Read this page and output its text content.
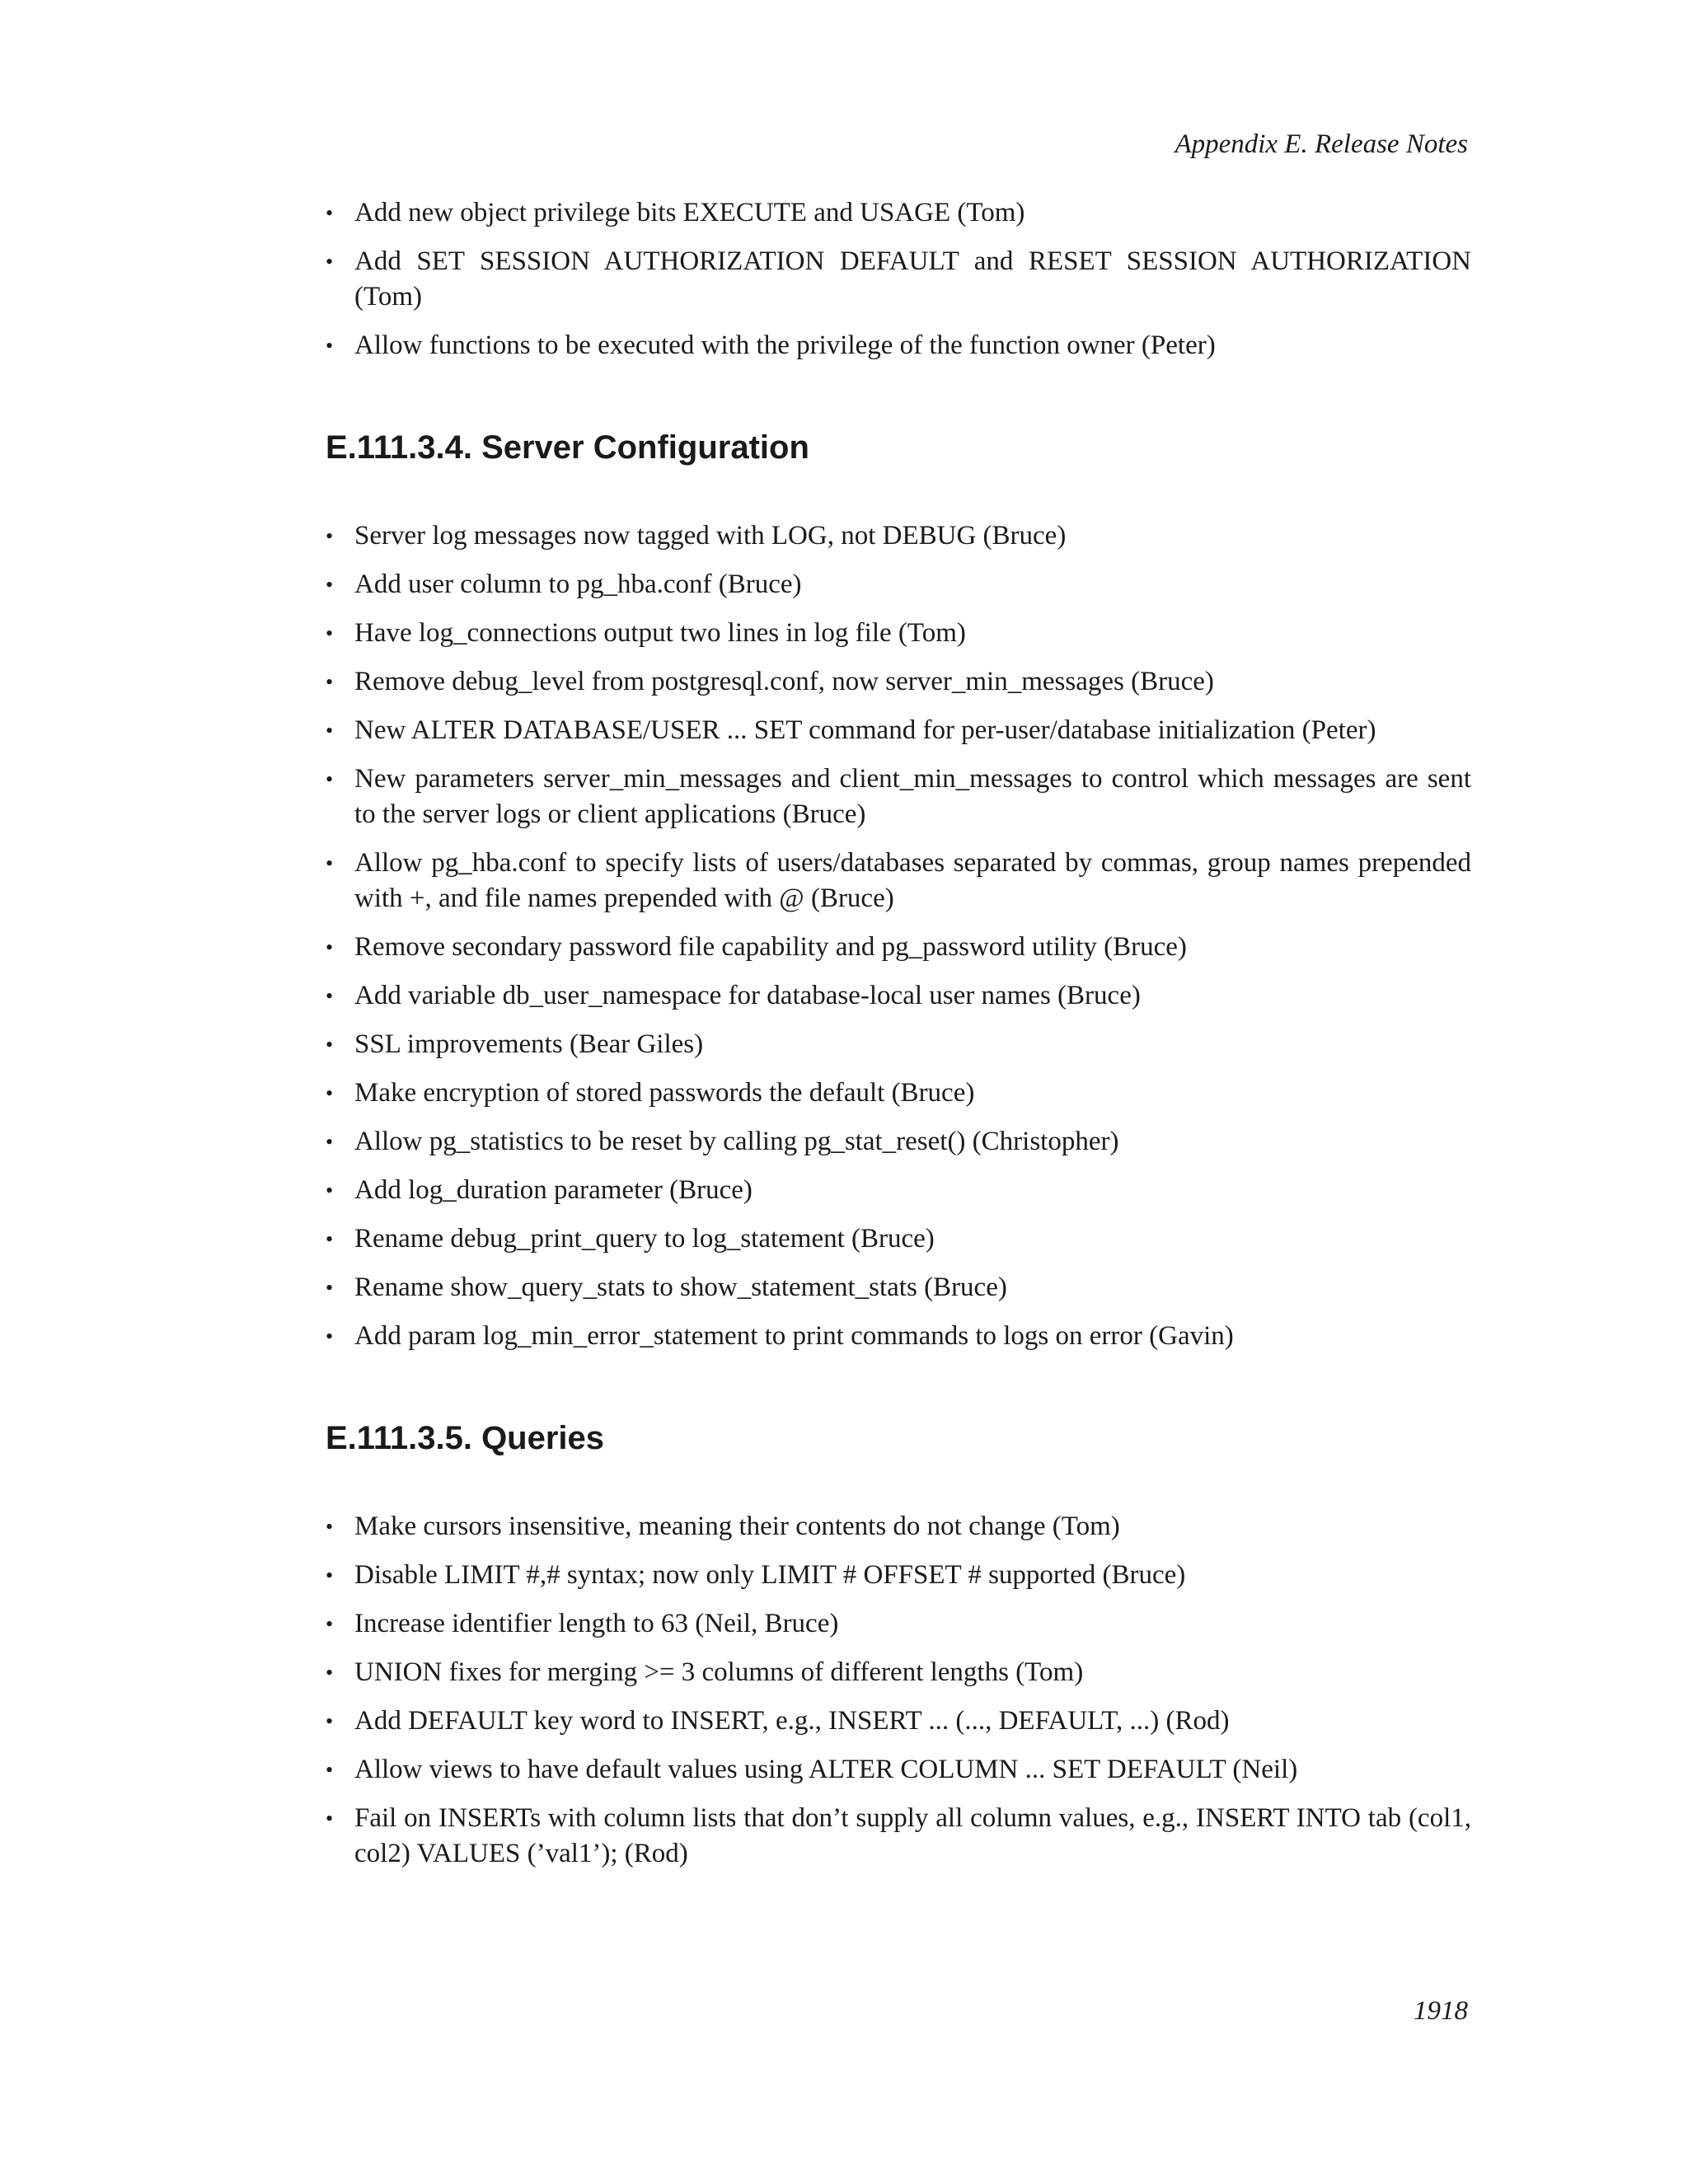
Appendix E. Release Notes
• Add new object privilege bits EXECUTE and USAGE (Tom)
• Add SET SESSION AUTHORIZATION DEFAULT and RESET SESSION AUTHORIZATION (Tom)
• Allow functions to be executed with the privilege of the function owner (Peter)
E.111.3.4. Server Configuration
• Server log messages now tagged with LOG, not DEBUG (Bruce)
• Add user column to pg_hba.conf (Bruce)
• Have log_connections output two lines in log file (Tom)
• Remove debug_level from postgresql.conf, now server_min_messages (Bruce)
• New ALTER DATABASE/USER ... SET command for per-user/database initialization (Peter)
• New parameters server_min_messages and client_min_messages to control which messages are sent to the server logs or client applications (Bruce)
• Allow pg_hba.conf to specify lists of users/databases separated by commas, group names prepended with +, and file names prepended with @ (Bruce)
• Remove secondary password file capability and pg_password utility (Bruce)
• Add variable db_user_namespace for database-local user names (Bruce)
• SSL improvements (Bear Giles)
• Make encryption of stored passwords the default (Bruce)
• Allow pg_statistics to be reset by calling pg_stat_reset() (Christopher)
• Add log_duration parameter (Bruce)
• Rename debug_print_query to log_statement (Bruce)
• Rename show_query_stats to show_statement_stats (Bruce)
• Add param log_min_error_statement to print commands to logs on error (Gavin)
E.111.3.5. Queries
• Make cursors insensitive, meaning their contents do not change (Tom)
• Disable LIMIT #,# syntax; now only LIMIT # OFFSET # supported (Bruce)
• Increase identifier length to 63 (Neil, Bruce)
• UNION fixes for merging >= 3 columns of different lengths (Tom)
• Add DEFAULT key word to INSERT, e.g., INSERT ... (..., DEFAULT, ...) (Rod)
• Allow views to have default values using ALTER COLUMN ... SET DEFAULT (Neil)
• Fail on INSERTs with column lists that don’t supply all column values, e.g., INSERT INTO tab (col1, col2) VALUES (’val1’); (Rod)
1918
